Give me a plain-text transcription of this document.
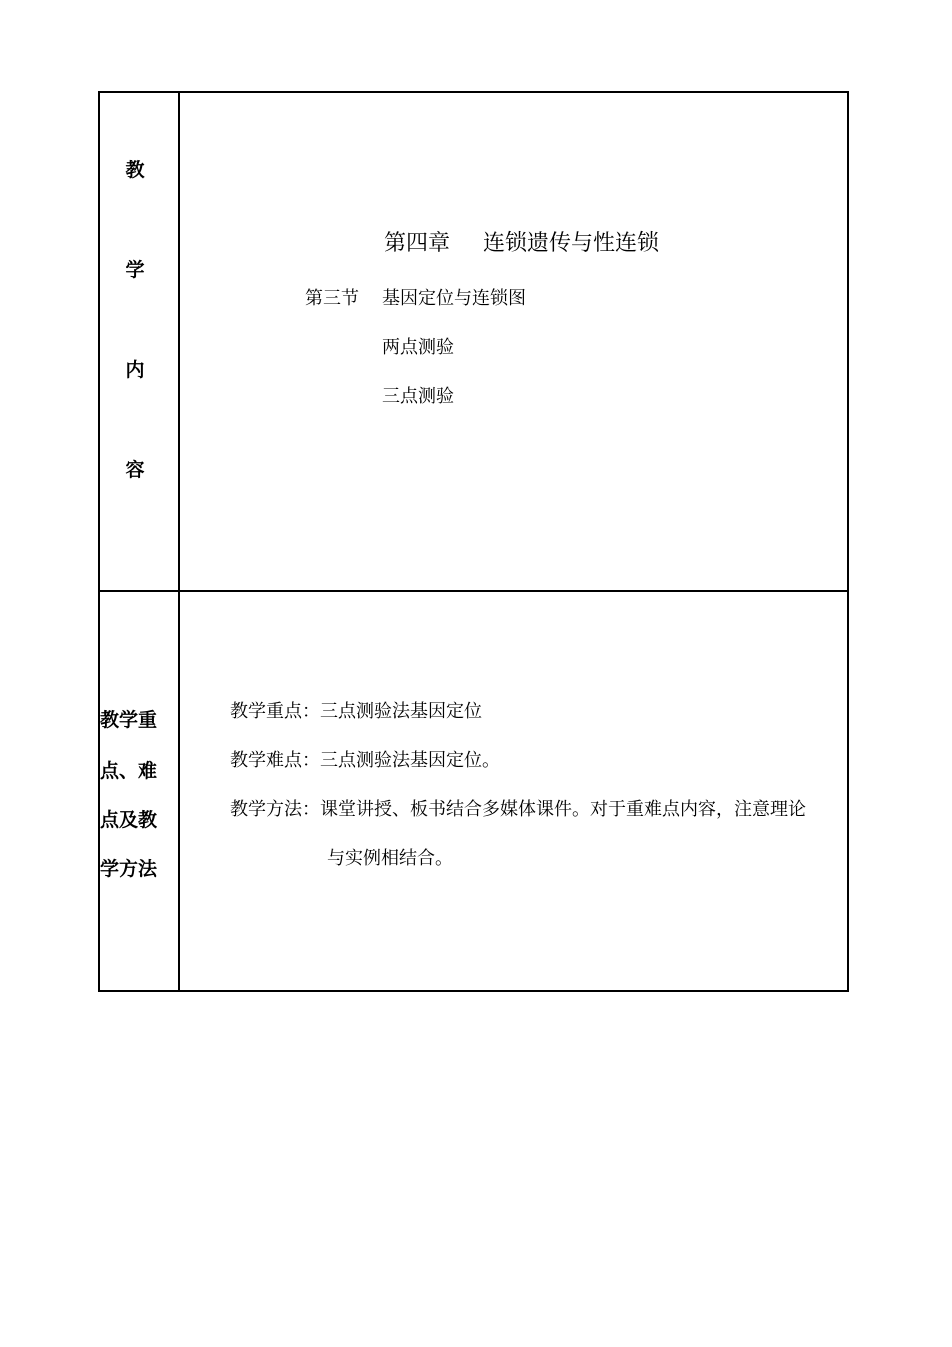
教
学
内
容
第四章 连锁遗传与性连锁
第三节 基因定位与连锁图
两点测验
三点测验
教学重
点、难
点及教
学方法
教学重点：三点测验法基因定位
教学难点：三点测验法基因定位。
教学方法：课堂讲授、板书结合多媒体课件。对于重难点内容，注意理论
与实例相结合。
